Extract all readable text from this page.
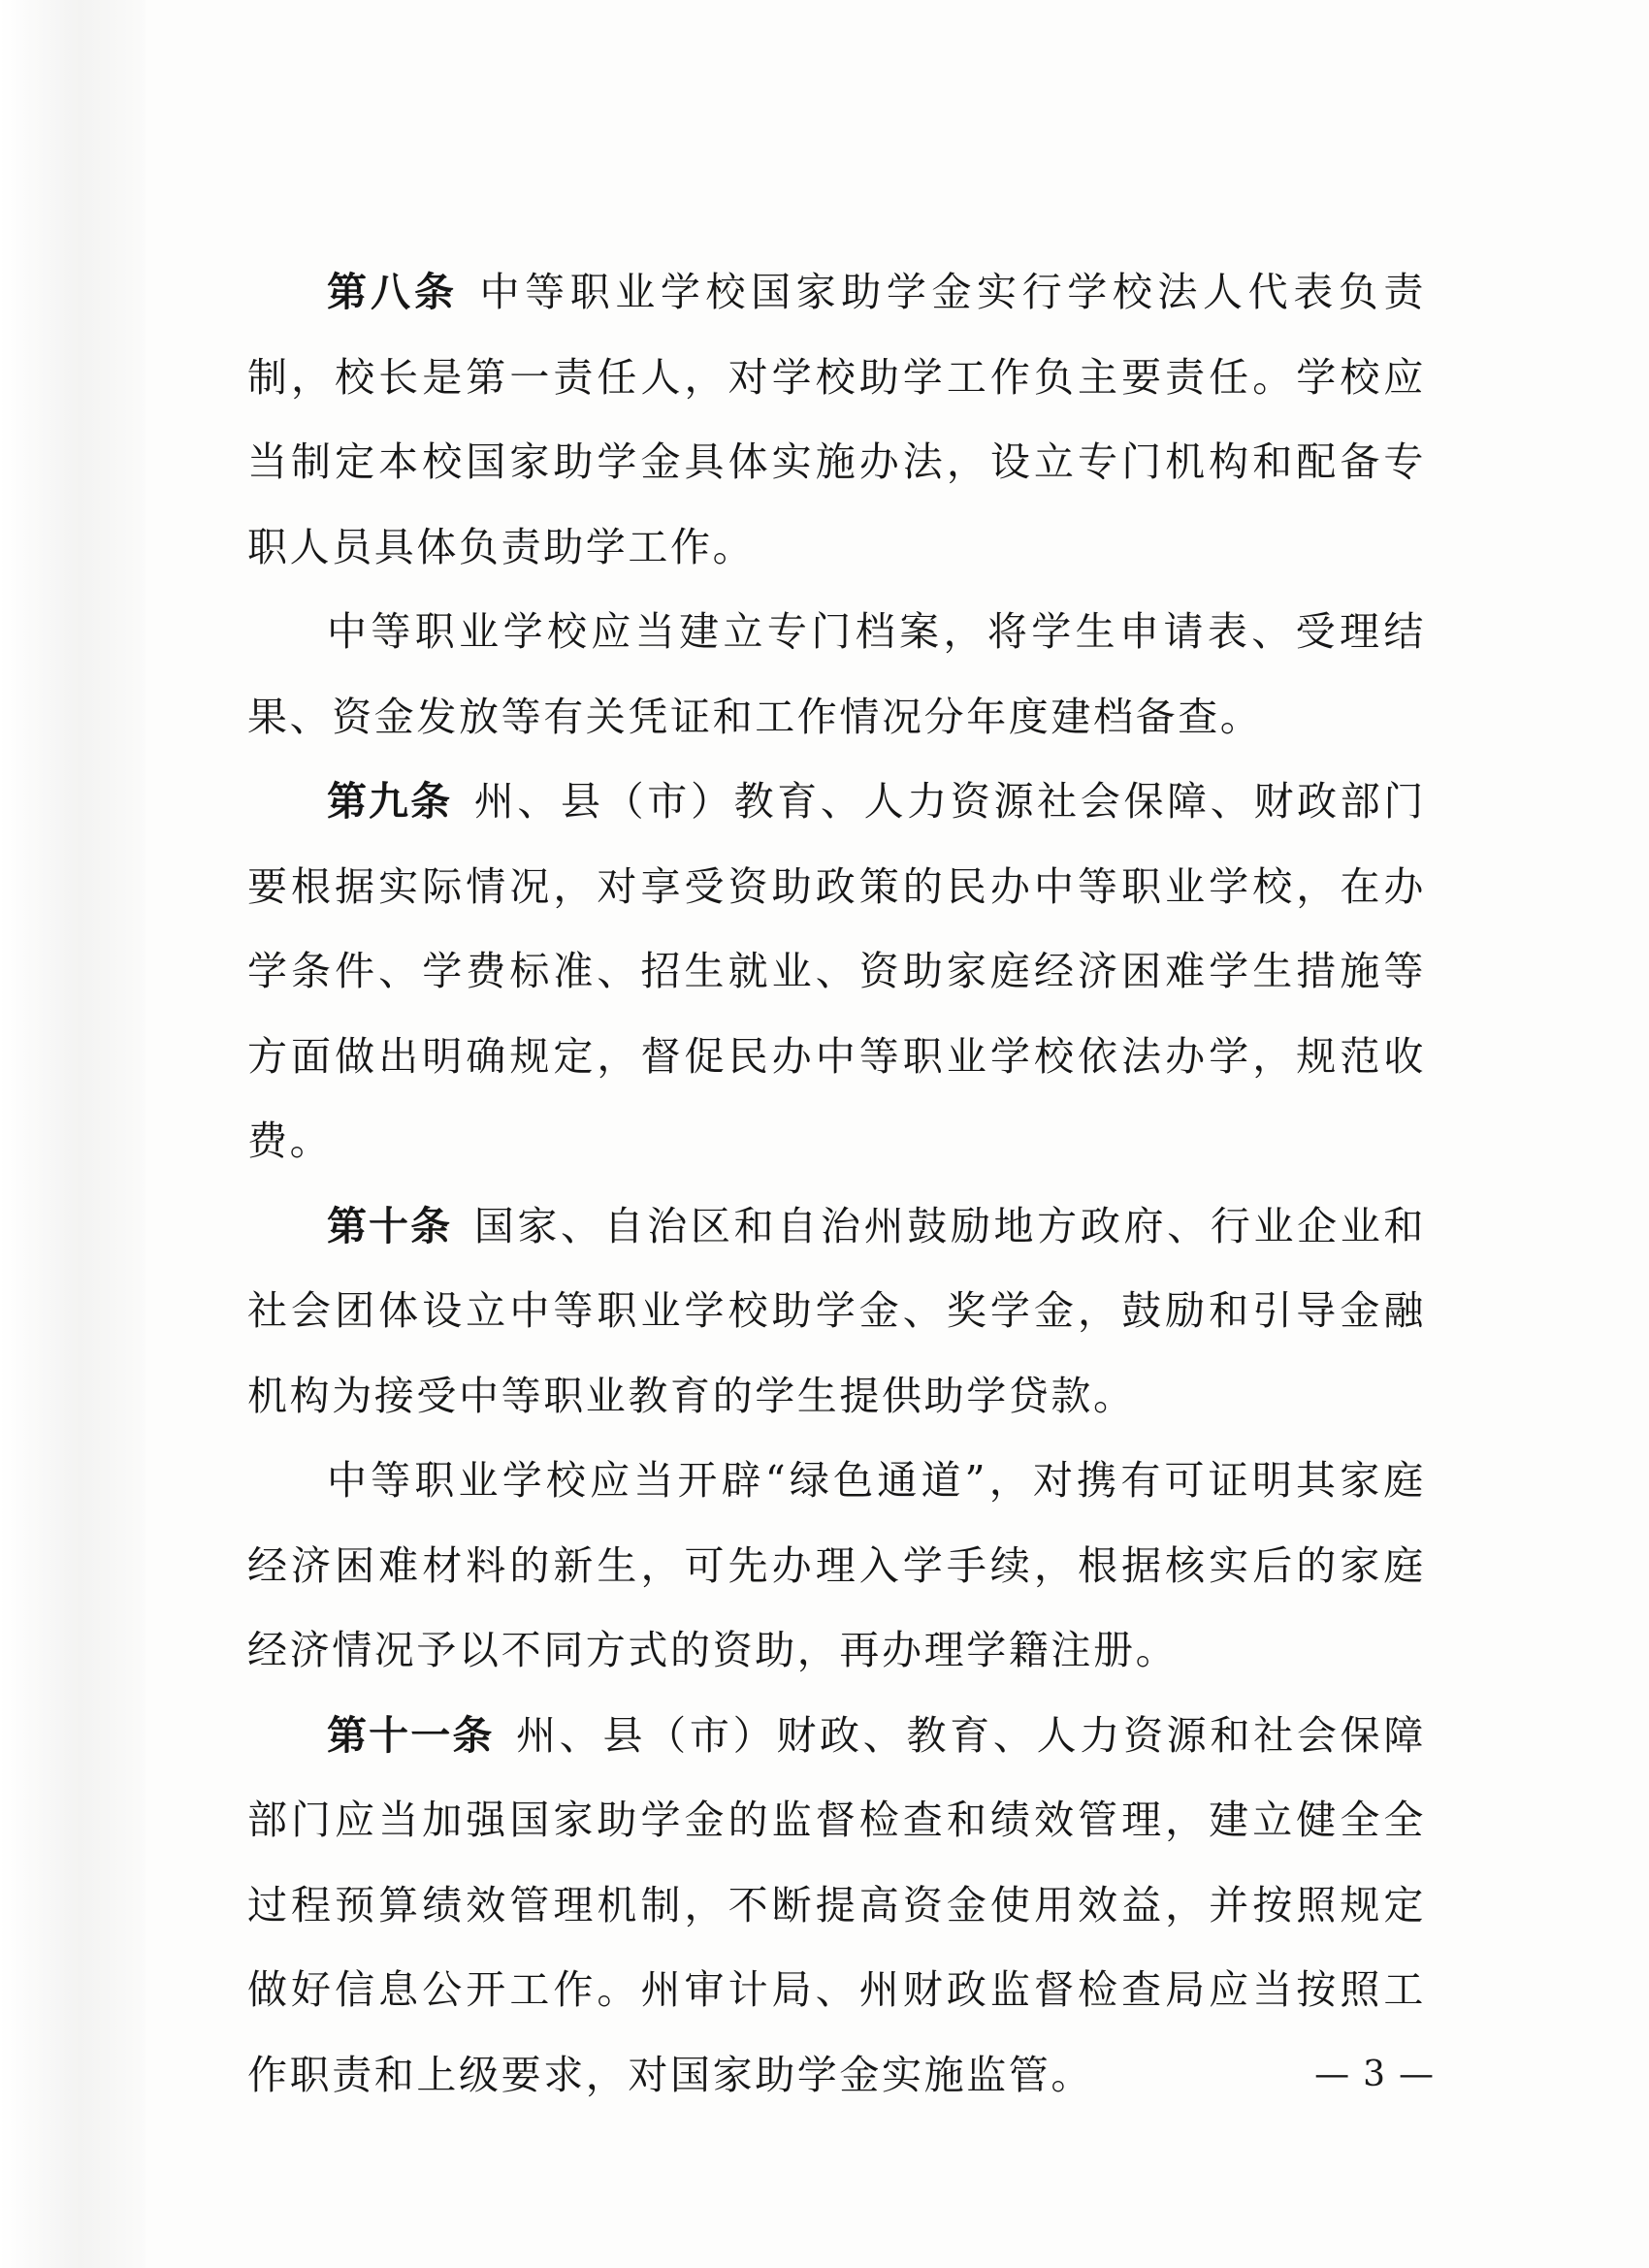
第八条 中等职业学校国家助学金实行学校法人代表负责制，校长是第一责任人，对学校助学工作负主要责任。学校应当制定本校国家助学金具体实施办法，设立专门机构和配备专职人员具体负责助学工作。

中等职业学校应当建立专门档案，将学生申请表、受理结果、资金发放等有关凭证和工作情况分年度建档备查。

第九条 州、县（市）教育、人力资源社会保障、财政部门要根据实际情况，对享受资助政策的民办中等职业学校，在办学条件、学费标准、招生就业、资助家庭经济困难学生措施等方面做出明确规定，督促民办中等职业学校依法办学，规范收费。

第十条 国家、自治区和自治州鼓励地方政府、行业企业和社会团体设立中等职业学校助学金、奖学金，鼓励和引导金融机构为接受中等职业教育的学生提供助学贷款。

中等职业学校应当开辟“绿色通道”，对携有可证明其家庭经济困难材料的新生，可先办理入学手续，根据核实后的家庭经济情况予以不同方式的资助，再办理学籍注册。

第十一条 州、县（市）财政、教育、人力资源和社会保障部门应当加强国家助学金的监督检查和绩效管理，建立健全全过程预算绩效管理机制，不断提高资金使用效益，并按照规定做好信息公开工作。州审计局、州财政监督检查局应当按照工作职责和上级要求，对国家助学金实施监管。	— 3 —
